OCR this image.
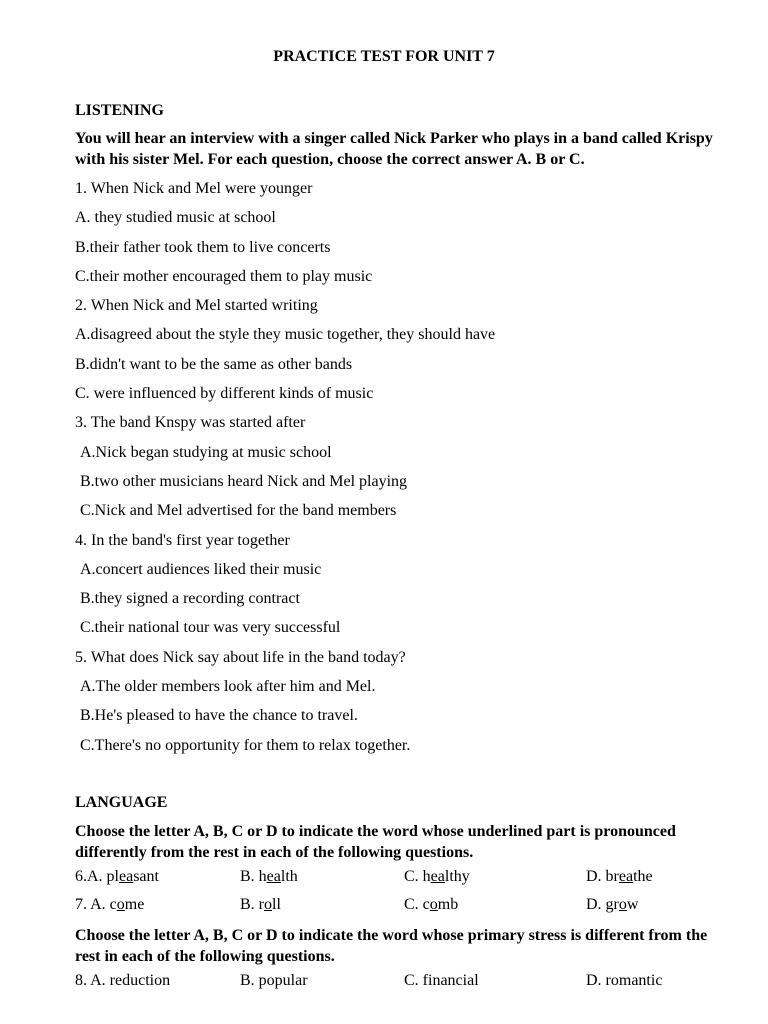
PRACTICE TEST FOR UNIT 7
LISTENING
You will hear an interview with a singer called Nick Parker who plays in a band called Krispy with his sister Mel. For each question, choose the correct answer A. B or C.
1. When Nick and Mel were younger
A. they studied music at school
B.their father took them to live concerts
C.their mother encouraged them to play music
2. When Nick and Mel started writing
A.disagreed about the style they music together, they should have
B.didn't want to be the same as other bands
C. were influenced by different kinds of music
3. The band Knspy was started after
A.Nick began studying at music school
B.two other musicians heard Nick and Mel playing
C.Nick and Mel advertised for the band members
4. In the band's first year together
A.concert audiences liked their music
B.they signed a recording contract
C.their national tour was very successful
5. What does Nick say about life in the band today?
A.The older members look after him and Mel.
B.He's pleased to have the chance to travel.
C.There's no opportunity for them to relax together.
LANGUAGE
Choose the letter A, B, C or D to indicate the word whose underlined part is pronounced differently from the rest in each of the following questions.
6.A. pleasant	B. health	C. healthy	D. breathe
7. A. come	B. roll	C. comb	D. grow
Choose the letter A, B, C or D to indicate the word whose primary stress is different from the rest in each of the following questions.
8. A. reduction	B. popular	C. financial	D. romantic
